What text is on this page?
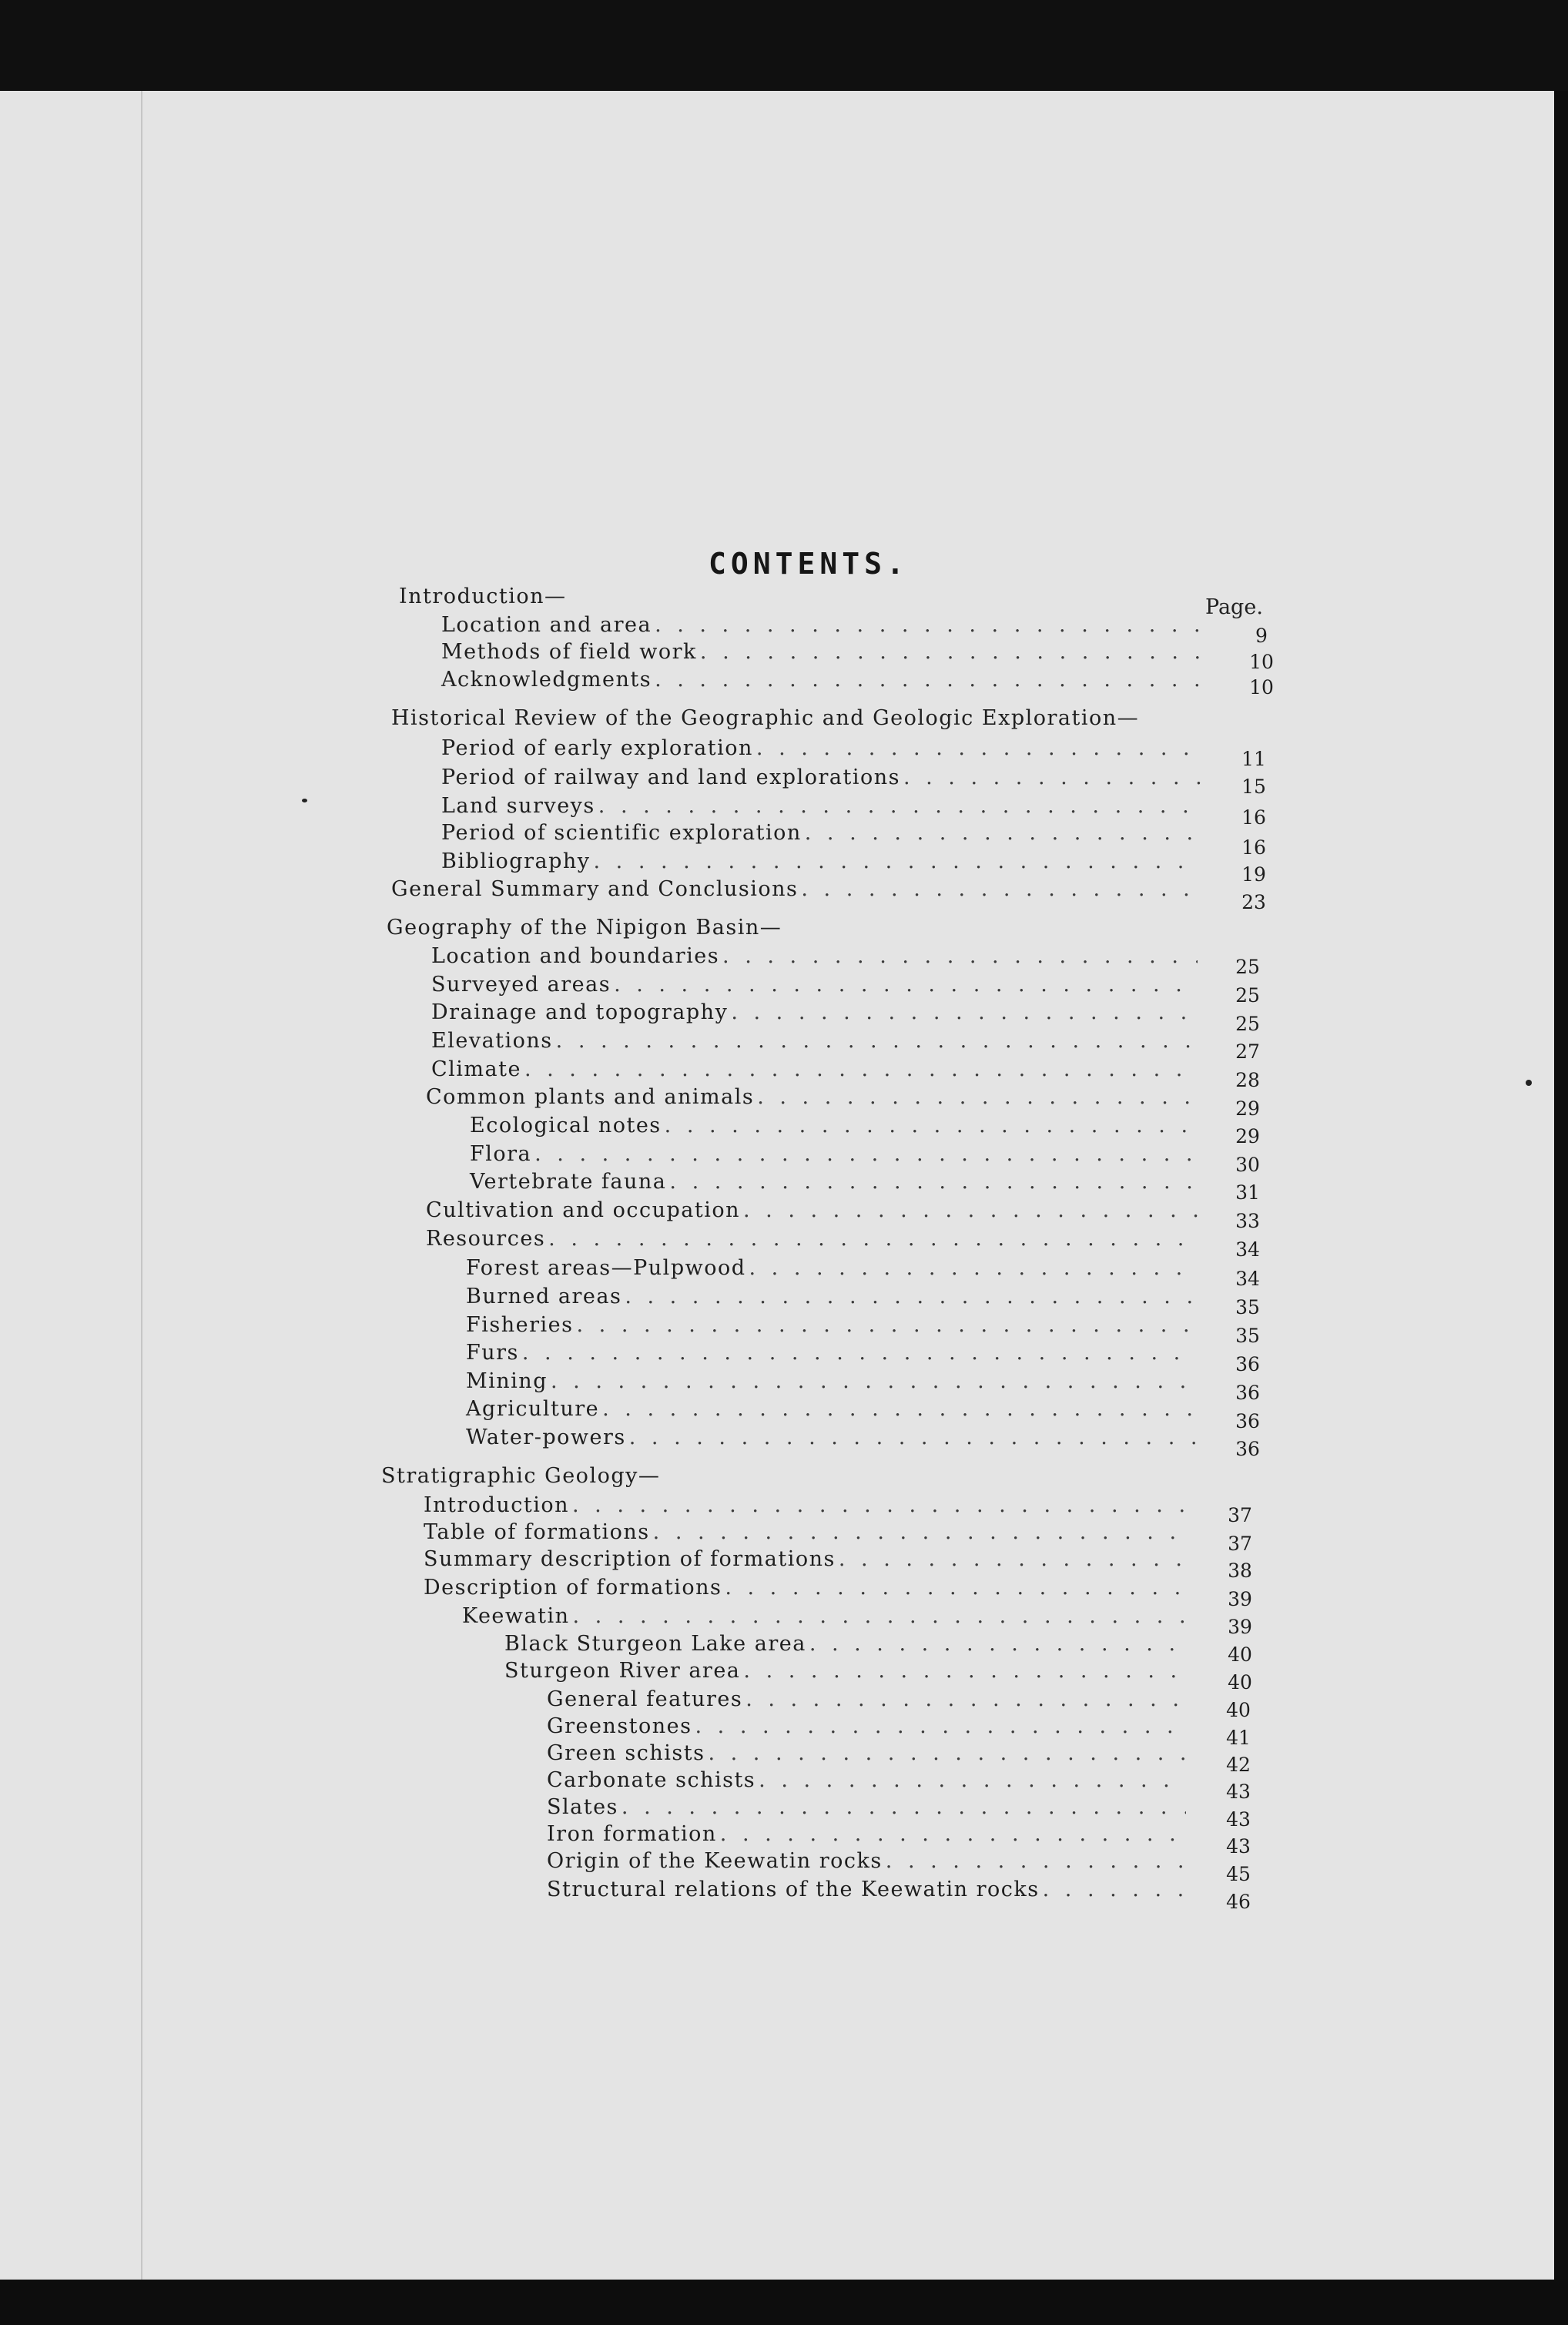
CONTENTS.
Page.
Introduction—
9
Location and area
. . .
10
Methods of field work
. . .
10
Acknowledgments
. . .
Historical Review of the Geographic and Geologic Exploration—
11
Period of early exploration
. . .
15
Period of railway and land explorations
. . .
16
Land surveys
. . .
16
Period of scientific exploration
. . .
19
Bibliography
. . .
23
General Summary and Conclusions
. . .
Geography of the Nipigon Basin—
25
Location and boundaries
. . .
25
Surveyed areas
. . .
25
Drainage and topography
. . .
27
Elevations
. . .
28
Climate
. . .
29
Common plants and animals
. . .
29
Ecological notes
. . .
30
Flora
. . .
31
Vertebrate fauna
. . .
33
Cultivation and occupation
. . .
34
Resources
. . .
34
Forest areas—Pulpwood
. . .
35
Burned areas
. . .
35
Fisheries
. . .
36
Furs
. . .
36
Mining
. . .
36
Agriculture
. . .
36
Water-powers
. . .
Stratigraphic Geology—
37
Introduction
. . .
37
Table of formations
. . .
38
Summary description of formations
. . .
39
Description of formations
. . .
39
Keewatin
. . .
40
Black Sturgeon Lake area
. . .
40
Sturgeon River area
. . .
40
General features
. . .
41
Greenstones
. . .
42
Green schists
. . .
43
Carbonate schists
. . .
43
Slates
. . .
43
Iron formation
. . .
45
Origin of the Keewatin rocks
. . .
46
Structural relations of the Keewatin rocks
. . .
